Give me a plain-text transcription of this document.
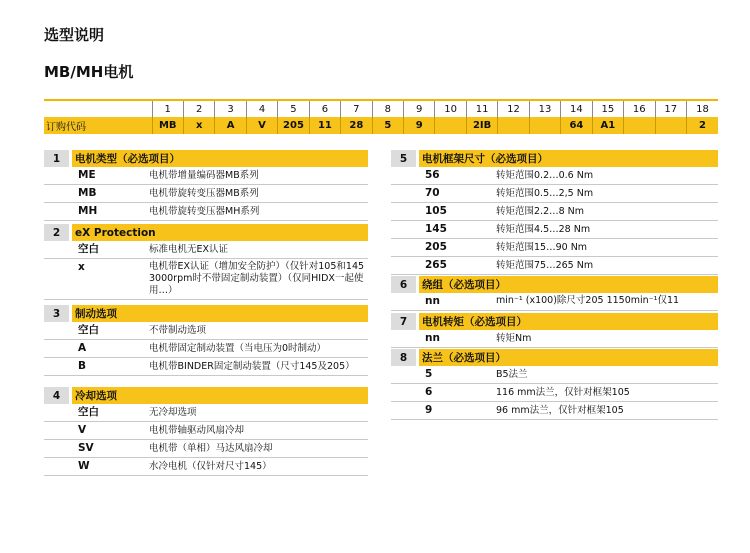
选型说明
MB/MH电机
	1	2	3	4	5	6	7	8	9	10	11	12	13	14	15	16	17	18
订购代码	MB	x	A	V	205	11	28	5	9		2IB			64	A1			2
1	电机类型（必选项目）
ME	电机带增量编码器MB系列
MB	电机带旋转变压器MB系列
MH	电机带旋转变压器MH系列
2	eX Protection
空白	标准电机无EX认证
x	电机带EX认证（增加安全防护）（仅针对105和145 3000rpm时不带固定制动装置）（仅同HIDX一起使用…）
3	制动选项
空白	不带制动选项
A	电机带固定制动装置（当电压为0时制动）
B	电机带BINDER固定制动装置（尺寸145及205）
4	冷却选项
空白	无冷却选项
V	电机带轴驱动风扇冷却
SV	电机带（单相）马达风扇冷却
W	水冷电机（仅针对尺寸145）
5	电机框架尺寸（必选项目）
56	转矩范围0.2…0.6 Nm
70	转矩范围0.5…2,5 Nm
105	转矩范围2.2…8 Nm
145	转矩范围4.5…28 Nm
205	转矩范围15…90 Nm
265	转矩范围75…265 Nm
6	绕组（必选项目）
nn	min⁻¹ (x100)除尺寸205 1150min⁻¹仅11
7	电机转矩（必选项目）
nn	转矩Nm
8	法兰（必选项目）
5	B5法兰
6	116 mm法兰，仅针对框架105
9	96 mm法兰，仅针对框架105
